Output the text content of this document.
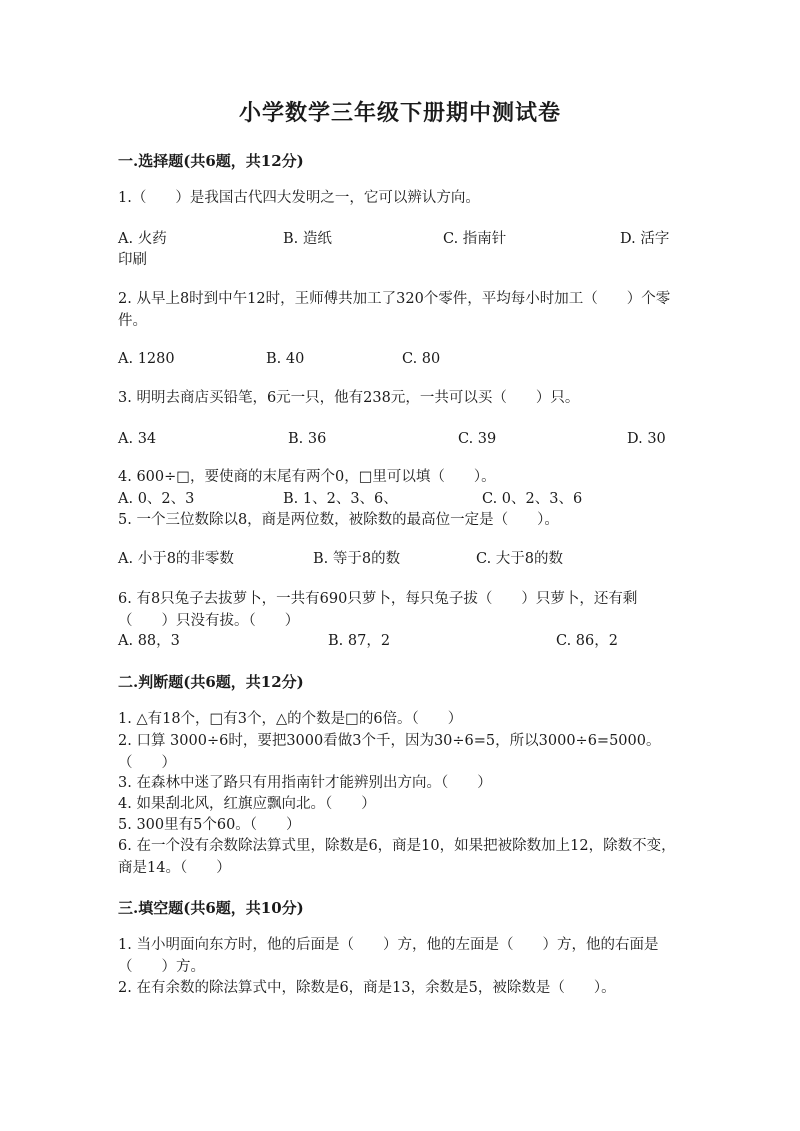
小学数学三年级下册期中测试卷
一.选择题(共6题，共12分)
1.（　　）是我国古代四大发明之一，它可以辨认方向。
A. 火药	B. 造纸	C. 指南针	D. 活字
印刷
2. 从早上8时到中午12时，王师傅共加工了320个零件，平均每小时加工（　　）个零件。
A. 1280	B. 40	C. 80
3. 明明去商店买铅笔，6元一只，他有238元，一共可以买（　　）只。
A. 34	B. 36	C. 39	D. 30
4. 600÷□，要使商的末尾有两个0，□里可以填（　　）。
A. 0、2、3	B. 1、2、3、6、	C. 0、2、3、6
5. 一个三位数除以8，商是两位数，被除数的最高位一定是（　　）。
A. 小于8的非零数	B. 等于8的数	C. 大于8的数
6. 有8只兔子去拔萝卜，一共有690只萝卜，每只兔子拔（　　）只萝卜，还有剩（　　）只没有拔。（　　）
A. 88，3	B. 87，2	C. 86，2
二.判断题(共6题，共12分)
1. △有18个，□有3个，△的个数是□的6倍。（　　）
2. 口算 3000÷6时，要把3000看做3个千，因为30÷6=5，所以3000÷6=5000。（　　）
3. 在森林中迷了路只有用指南针才能辨别出方向。（　　）
4. 如果刮北风，红旗应飘向北。（　　）
5. 300里有5个60。（　　）
6. 在一个没有余数除法算式里，除数是6，商是10，如果把被除数加上12，除数不变，商是14。（　　）
三.填空题(共6题，共10分)
1. 当小明面向东方时，他的后面是（　　）方，他的左面是（　　）方，他的右面是（　　）方。
2. 在有余数的除法算式中，除数是6，商是13，余数是5，被除数是（　　）。
